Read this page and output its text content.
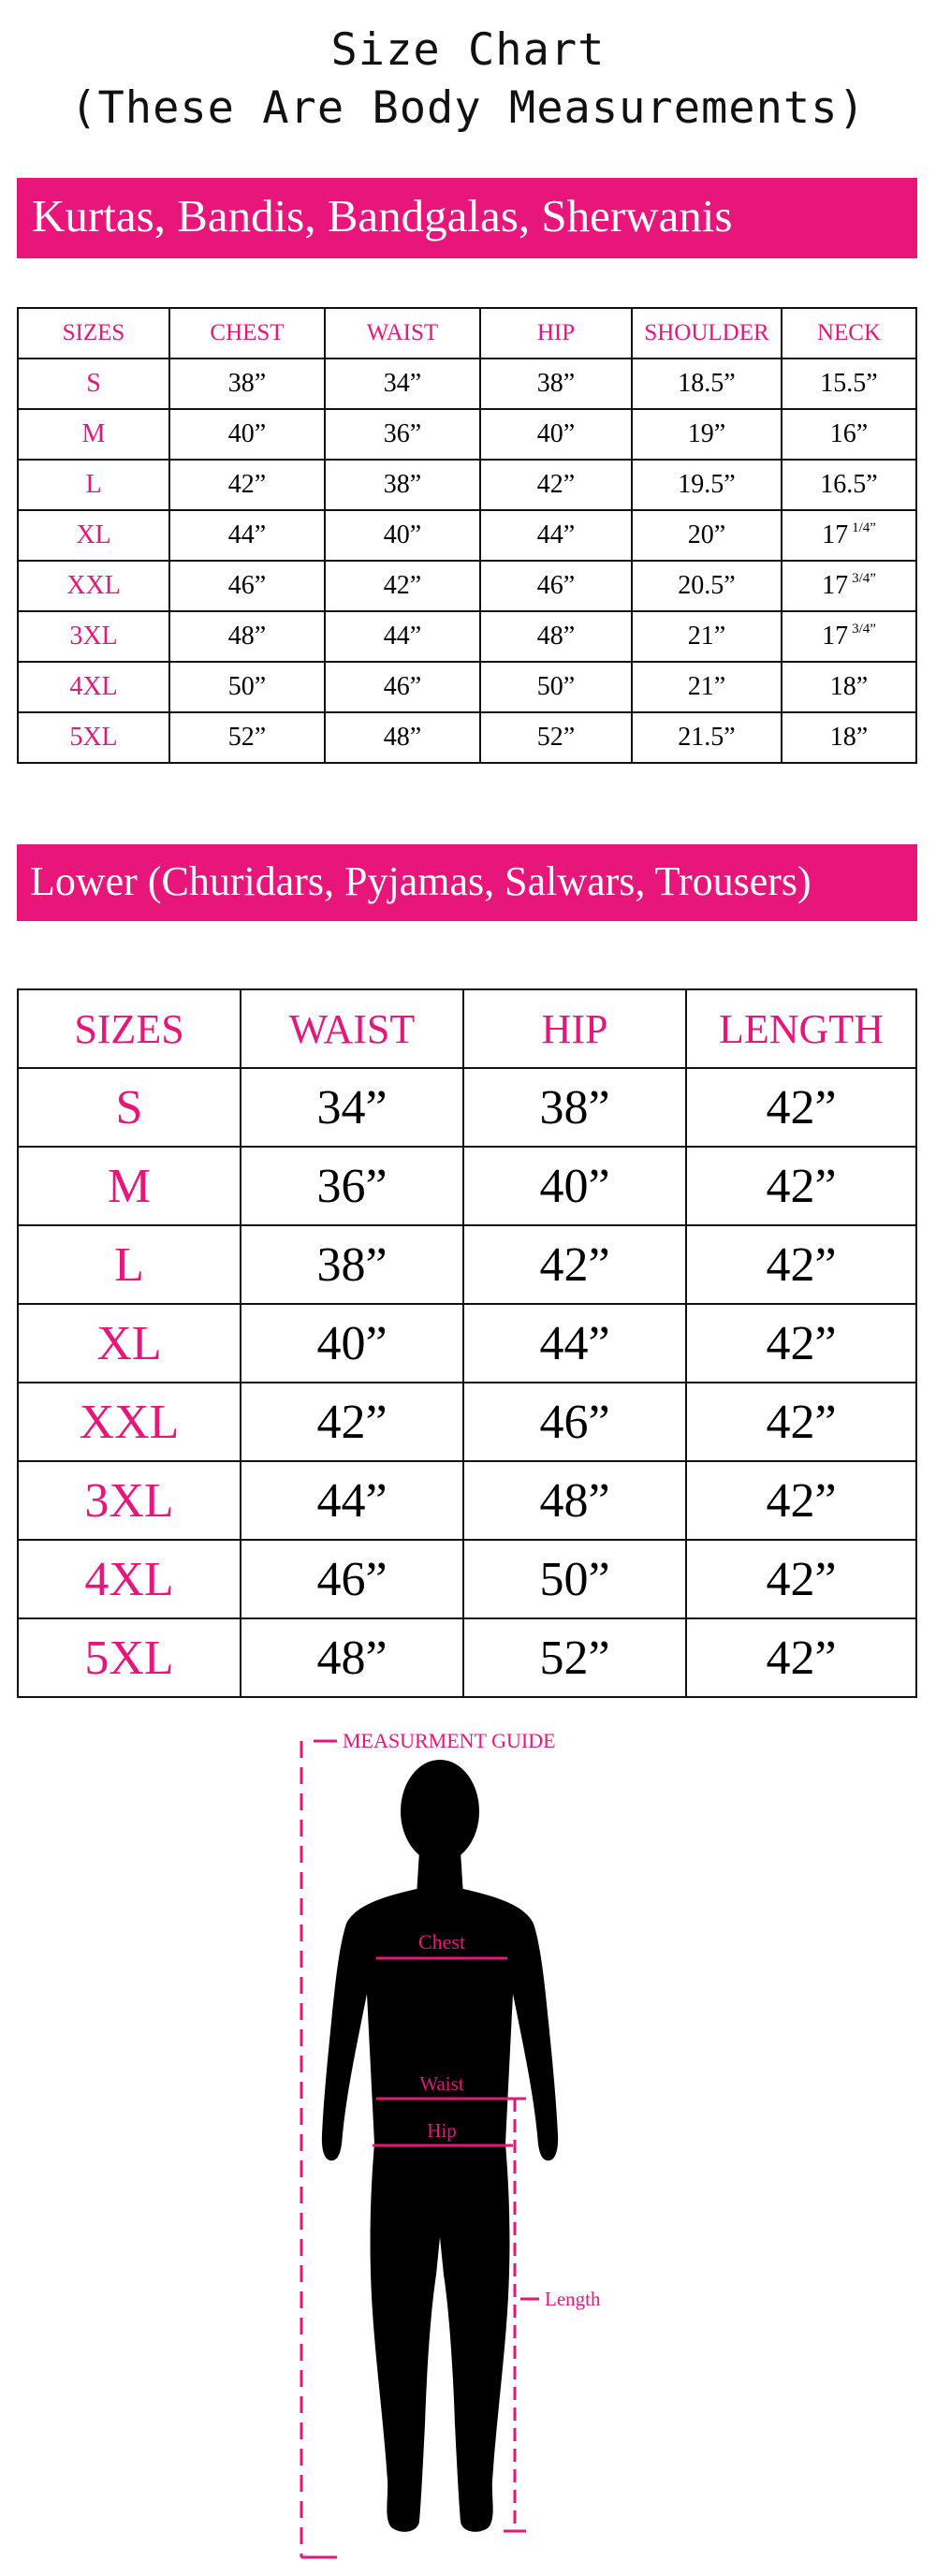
Size Chart
(These Are Body Measurements)
Kurtas, Bandis, Bandgalas, Sherwanis
SIZES	CHEST	WAIST	HIP	SHOULDER	NECK
S	38”	34”	38”	18.5”	15.5”
M	40”	36”	40”	19”	16”
L	42”	38”	42”	19.5”	16.5”
XL	44”	40”	44”	20”	17 $^{1/4”}$
XXL	46”	42”	46”	20.5”	17 $^{3/4”}$
3XL	48”	44”	48”	21”	17 $^{3/4”}$
4XL	50”	46”	50”	21”	18”
5XL	52”	48”	52”	21.5”	18”
Lower (Churidars, Pyjamas, Salwars, Trousers)
SIZES	WAIST	HIP	LENGTH
S	34”	38”	42”
M	36”	40”	42”
L	38”	42”	42”
XL	40”	44”	42”
XXL	42”	46”	42”
3XL	44”	48”	42”
4XL	46”	50”	42”
5XL	48”	52”	42”
MEASURMENT GUIDE
Chest
Waist
Hip
Length
